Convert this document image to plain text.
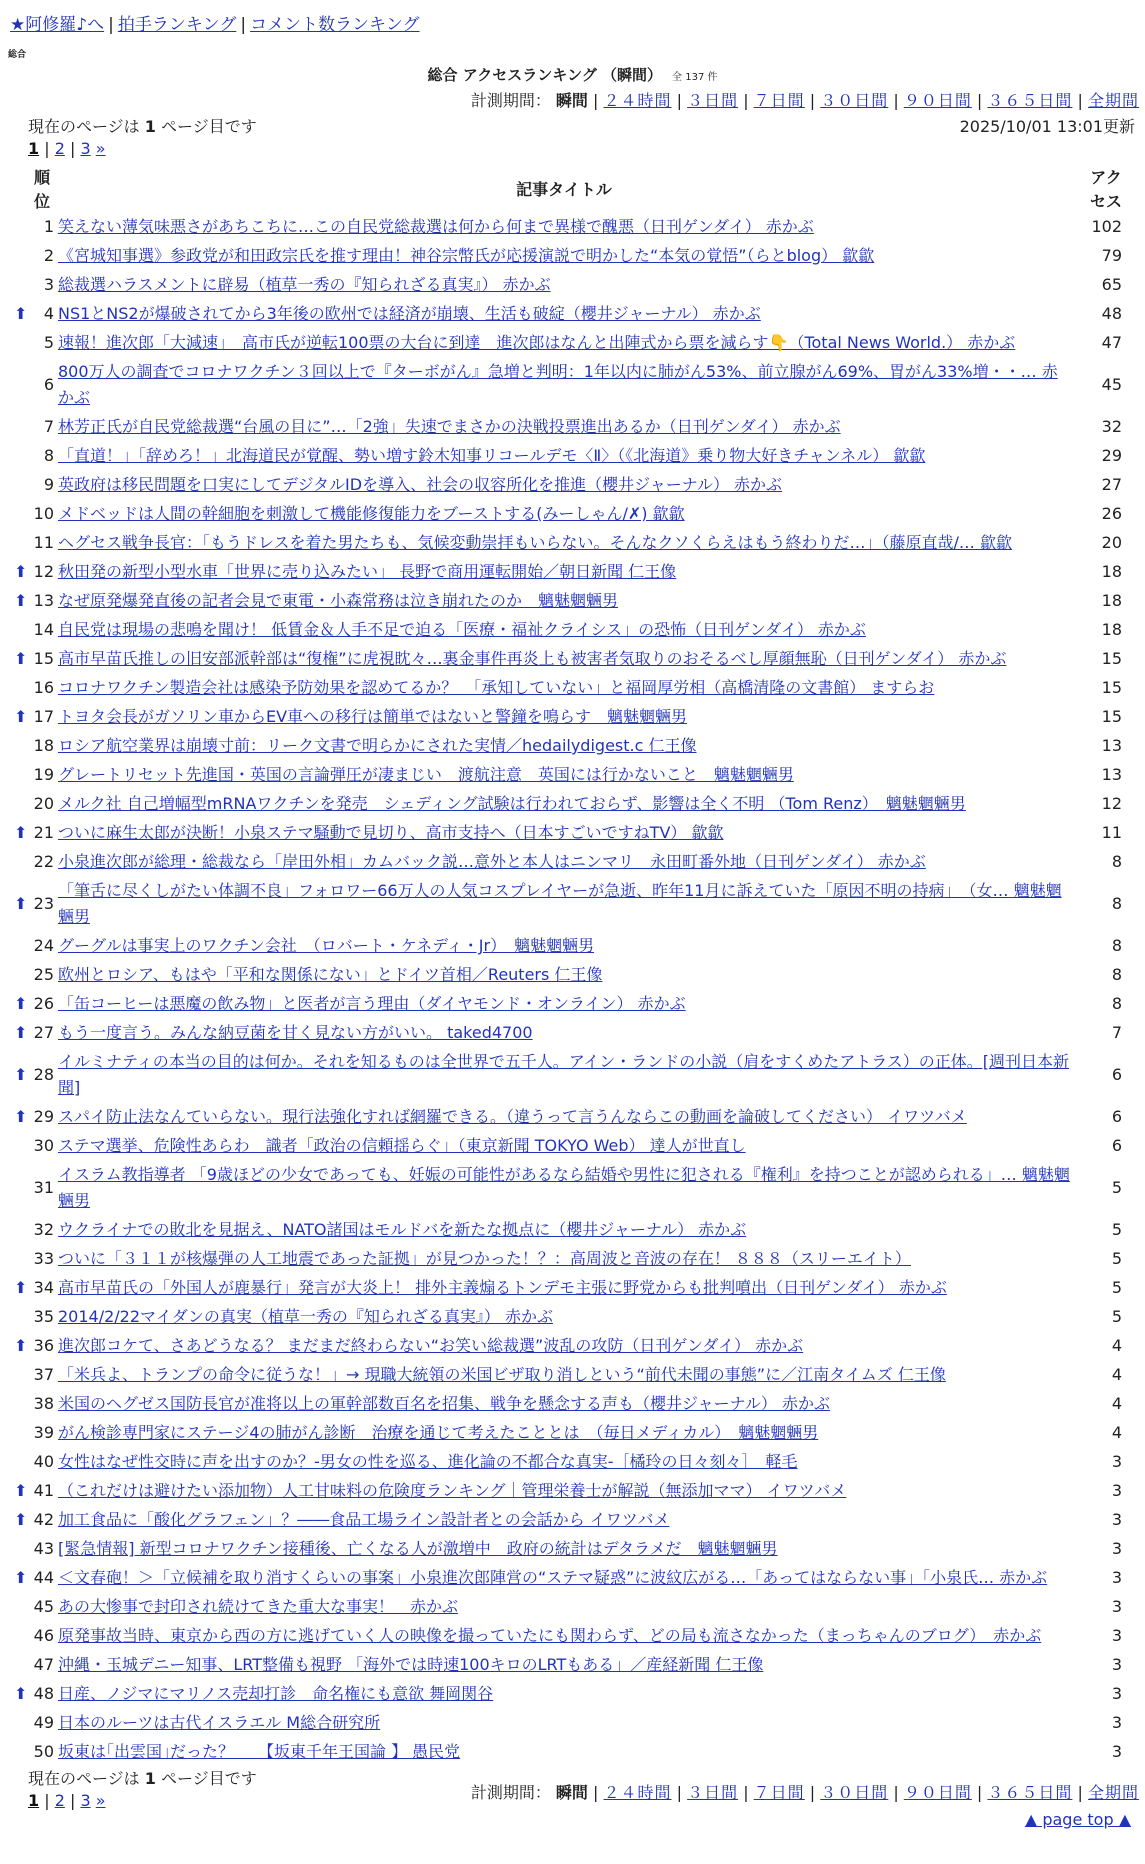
★阿修羅♪へ | 拍手ランキング | コメント数ランキング
総合
総合 アクセスランキング （瞬間） 全 137 件
計測期間： 瞬間 | ２４時間 | ３日間 | ７日間 | ３０日間 | ９０日間 | ３６５日間 | 全期間
現在のページは 1 ページ目です	2025/10/01 13:01更新
1 | 2 | 3 »
順位		記事タイトル	アクセス
	1	笑えない薄気味悪さがあちこちに…この自民党総裁選は何から何まで異様で醜悪（日刊ゲンダイ） 赤かぶ	102
	2	《宮城知事選》参政党が和田政宗氏を推す理由！神谷宗幣氏が応援演説で明かした“本気の覚悟”（らとblog） 歙歙	79
	3	総裁選ハラスメントに辟易（植草一秀の『知られざる真実』） 赤かぶ	65
⬆	4	NS1とNS2が爆破されてから3年後の欧州では経済が崩壊、生活も破綻（櫻井ジャーナル） 赤かぶ	48
	5	速報！進次郎「大減速」　高市氏が逆転100票の大台に到達　進次郎はなんと出陣式から票を減らす👇（Total News World.） 赤かぶ	47
	6	800万人の調査でコロナワクチン３回以上で『ターボがん』急増と判明：1年以内に肺がん53%、前立腺がん69%、胃がん33%増・・… 赤かぶ	45
	7	林芳正氏が自民党総裁選“台風の目に”…「2強」失速でまさかの決戦投票進出あるか（日刊ゲンダイ） 赤かぶ	32
	8	「直道！」「辞めろ！」北海道民が覚醒、勢い増す鈴木知事リコールデモ〈Ⅱ〉（《北海道》乗り物大好きチャンネル） 歙歙	29
	9	英政府は移民問題を口実にしてデジタルIDを導入、社会の収容所化を推進（櫻井ジャーナル） 赤かぶ	27
	10	メドベッドは人間の幹細胞を刺激して機能修復能力をブーストする(みーしゃん/✗) 歙歙	26
	11	ヘグセス戦争長官：「もうドレスを着た男たちも、気候変動崇拝もいらない。そんなクソくらえはもう終わりだ…」（藤原直哉/… 歙歙	20
⬆	12	秋田発の新型小型水車「世界に売り込みたい」 長野で商用運転開始／朝日新聞 仁王像	18
⬆	13	なぜ原発爆発直後の記者会見で東電・小森常務は泣き崩れたのか　魑魅魍魎男	18
	14	自民党は現場の悲鳴を聞け！ 低賃金＆人手不足で迫る「医療・福祉クライシス」の恐怖（日刊ゲンダイ） 赤かぶ	18
⬆	15	高市早苗氏推しの旧安部派幹部は“復権”に虎視眈々…裏金事件再炎上も被害者気取りのおそるべし厚顔無恥（日刊ゲンダイ） 赤かぶ	15
	16	コロナワクチン製造会社は感染予防効果を認めてるか？　「承知していない」と福岡厚労相（高橋清隆の文書館） ますらお	15
⬆	17	トヨタ会長がガソリン車からEV車への移行は簡単ではないと警鐘を鳴らす　魑魅魍魎男	15
	18	ロシア航空業界は崩壊寸前：リーク文書で明らかにされた実情／hedailydigest.c 仁王像	13
	19	グレートリセット先進国・英国の言論弾圧が凄まじい　渡航注意　英国には行かないこと　魑魅魍魎男	13
	20	メルク社 自己増幅型mRNAワクチンを発売　シェディング試験は行われておらず、影響は全く不明 （Tom Renz）　魑魅魍魎男	12
⬆	21	ついに麻生太郎が決断！小泉ステマ騒動で見切り、高市支持へ（日本すごいですねTV） 歙歙	11
	22	小泉進次郎が総理・総裁なら「岸田外相」カムバック説…意外と本人はニンマリ　永田町番外地（日刊ゲンダイ） 赤かぶ	8
⬆	23	「筆舌に尽くしがたい体調不良」フォロワー66万人の人気コスプレイヤーが急逝、昨年11月に訴えていた「原因不明の持病」　（女… 魑魅魍魎男	8
	24	グーグルは事実上のワクチン会社　（ロバート・ケネディ・Jr）　魑魅魍魎男	8
	25	欧州とロシア、もはや「平和な関係にない」とドイツ首相／Reuters 仁王像	8
⬆	26	「缶コーヒーは悪魔の飲み物」と医者が言う理由（ダイヤモンド・オンライン） 赤かぶ	8
⬆	27	もう一度言う。みんな納豆菌を甘く見ない方がいい。 taked4700	7
⬆	28	イルミナティの本当の目的は何か。それを知るものは全世界で五千人。アイン・ランドの小説（肩をすくめたアトラス）の正体。[週刊日本新聞]	6
⬆	29	スパイ防止法なんていらない。現行法強化すれば網羅できる。（違うって言うんならこの動画を論破してください） イワツバメ	6
	30	ステマ選挙、危険性あらわ　識者「政治の信頼揺らぐ」（東京新聞 TOKYO Web） 達人が世直し	6
	31	イスラム教指導者 「9歳ほどの少女であっても、妊娠の可能性があるなら結婚や男性に犯される『権利』を持つことが認められる」… 魑魅魍魎男	5
	32	ウクライナでの敗北を見据え、NATO諸国はモルドバを新たな拠点に（櫻井ジャーナル） 赤かぶ	5
	33	ついに「３１１が核爆弾の人工地震であった証拠」が見つかった！？：高周波と音波の存在！ ８８８（スリーエイト）	5
⬆	34	高市早苗氏の「外国人が鹿暴行」発言が大炎上！ 排外主義煽るトンデモ主張に野党からも批判噴出（日刊ゲンダイ） 赤かぶ	5
	35	2014/2/22マイダンの真実（植草一秀の『知られざる真実』） 赤かぶ	5
⬆	36	進次郎コケて、さあどうなる？ まだまだ終わらない“お笑い総裁選”波乱の攻防（日刊ゲンダイ） 赤かぶ	4
	37	「米兵よ、トランプの命令に従うな！」→ 現職大統領の米国ビザ取り消しという“前代未聞の事態”に／江南タイムズ 仁王像	4
	38	米国のヘグゼス国防長官が准将以上の軍幹部数百名を招集、戦争を懸念する声も（櫻井ジャーナル） 赤かぶ	4
	39	がん検診専門家にステージ4の肺がん診断　治療を通じて考えたこととは　（毎日メディカル）　魑魅魍魎男	4
	40	女性はなぜ性交時に声を出すのか？-男女の性を巡る、進化論の不都合な真実-［橘玲の日々刻々］　軽毛	3
⬆	41	（これだけは避けたい添加物）人工甘味料の危険度ランキング｜管理栄養士が解説（無添加ママ） イワツバメ	3
⬆	42	加工食品に「酸化グラフェン」？――食品工場ライン設計者との会話から イワツバメ	3
	43	[緊急情報] 新型コロナワクチン接種後、亡くなる人が激増中　政府の統計はデタラメだ　魑魅魍魎男	3
⬆	44	＜文春砲！＞「立候補を取り消すくらいの事案」小泉進次郎陣営の“ステマ疑惑”に波紋広がる…「あってはならない事」「小泉氏… 赤かぶ	3
	45	あの大惨事で封印され続けてきた重大な事実！　赤かぶ	3
	46	原発事故当時、東京から西の方に逃げていく人の映像を撮っていたにも関わらず、どの局も流さなかった（まっちゃんのブログ）　赤かぶ	3
	47	沖縄・玉城デニー知事、LRT整備も視野 「海外では時速100キロのLRTもある」／産経新聞 仁王像	3
⬆	48	日産、ノジマにマリノス売却打診　命名権にも意欲 舞岡関谷	3
	49	日本のルーツは古代イスラエル M総合研究所	3
	50	坂東は｢出雲国｣だった？　　【坂東千年王国論 】 愚民党	3
現在のページは 1 ページ目です
1 | 2 | 3 »	計測期間： 瞬間 | ２４時間 | ３日間 | ７日間 | ３０日間 | ９０日間 | ３６５日間 | 全期間
▲ page top ▲
